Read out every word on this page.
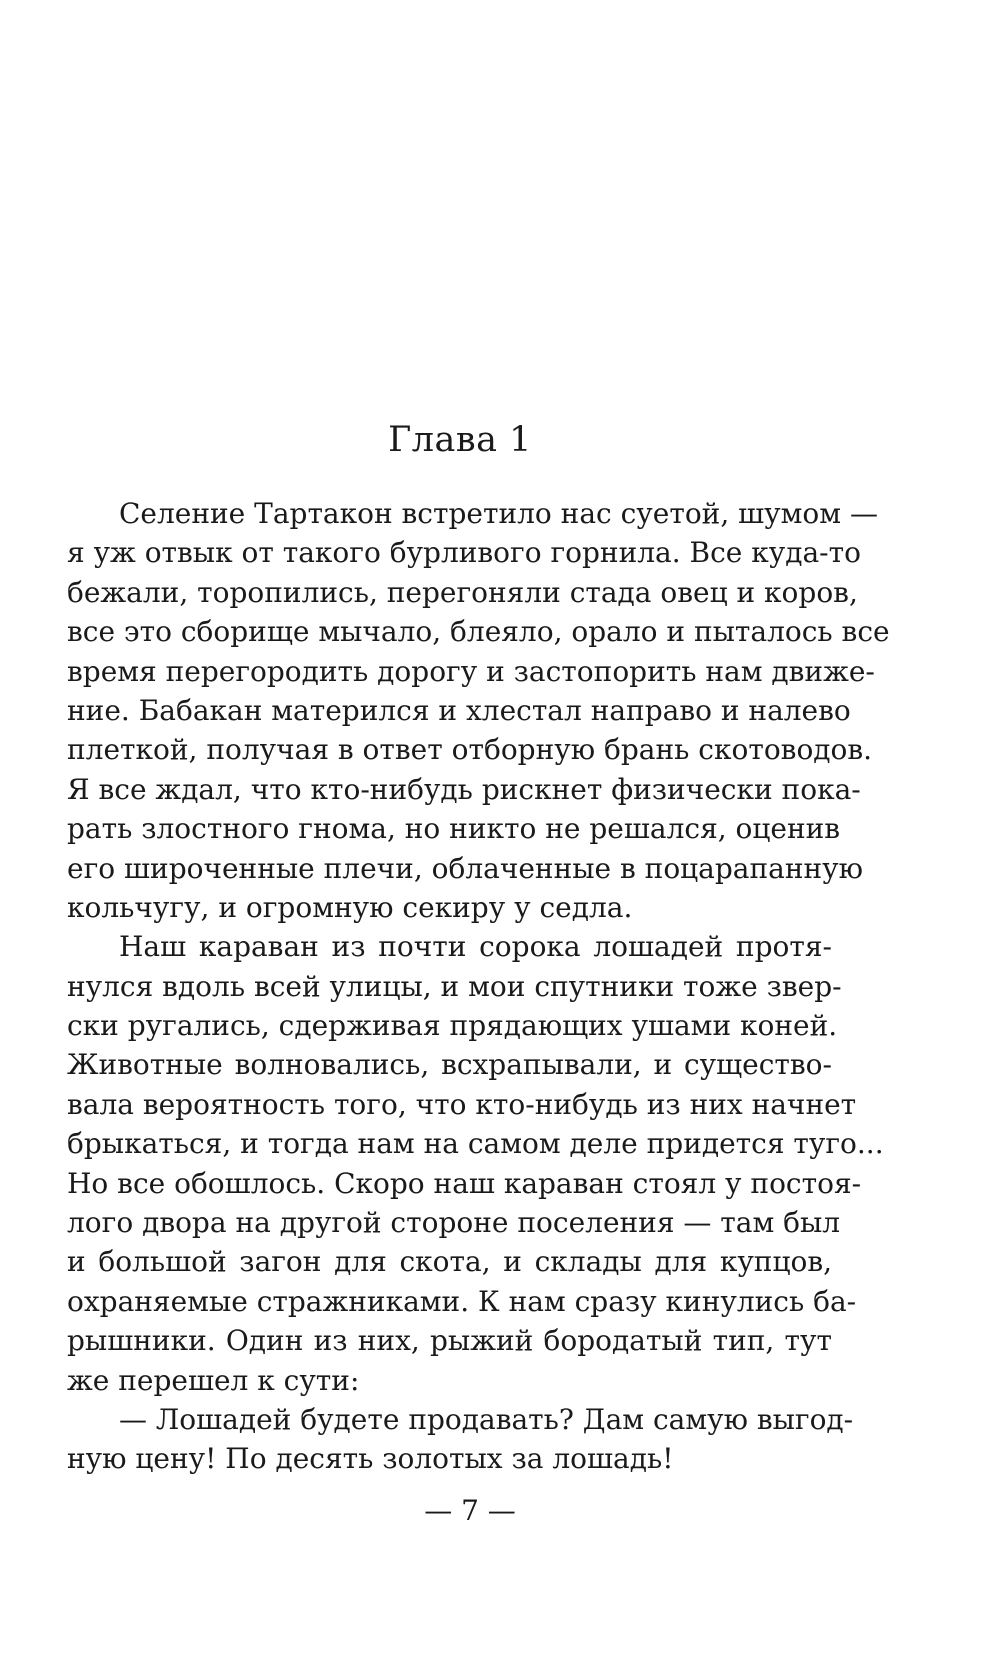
Глава 1

Селение Тартакон встретило нас суетой, шумом —
я уж отвык от такого бурливого горнила. Все куда-то
бежали, торопились, перегоняли стада овец и коров,
все это сборище мычало, блеяло, орало и пыталось все
время перегородить дорогу и застопорить нам движе-
ние. Бабакан матерился и хлестал направо и налево
плеткой, получая в ответ отборную брань скотоводов.
Я все ждал, что кто-нибудь рискнет физически пока-
рать злостного гнома, но никто не решался, оценив
его широченные плечи, облаченные в поцарапанную
кольчугу, и огромную секиру у седла.

Наш караван из почти сорока лошадей протя-
нулся вдоль всей улицы, и мои спутники тоже звер-
ски ругались, сдерживая прядающих ушами коней.
Животные волновались, всхрапывали, и существо-
вала вероятность того, что кто-нибудь из них начнет
брыкаться, и тогда нам на самом деле придется туго...
Но все обошлось. Скоро наш караван стоял у постоя-
лого двора на другой стороне поселения — там был
и большой загон для скота, и склады для купцов,
охраняемые стражниками. К нам сразу кинулись ба-
рышники. Один из них, рыжий бородатый тип, тут
же перешел к сути:

— Лошадей будете продавать? Дам самую выгод-
ную цену! По десять золотых за лошадь!

— 7 —
